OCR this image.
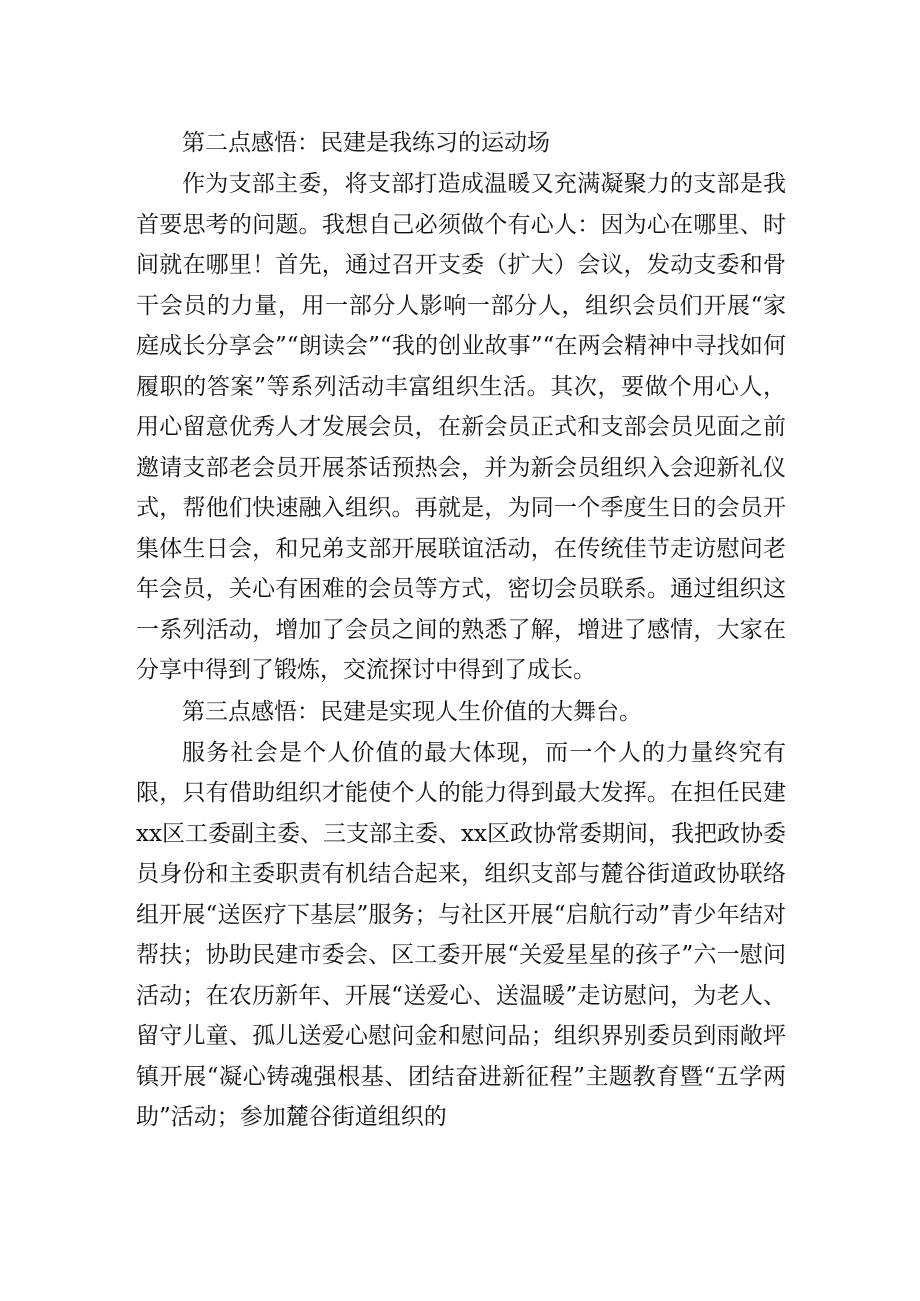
第二点感悟：民建是我练习的运动场

作为支部主委，将支部打造成温暖又充满凝聚力的支部是我首要思考的问题。我想自己必须做个有心人：因为心在哪里、时间就在哪里！首先，通过召开支委（扩大）会议，发动支委和骨干会员的力量，用一部分人影响一部分人，组织会员们开展“家庭成长分享会”“朗读会”“我的创业故事”“在两会精神中寻找如何履职的答案”等系列活动丰富组织生活。其次，要做个用心人，用心留意优秀人才发展会员，在新会员正式和支部会员见面之前邀请支部老会员开展茶话预热会，并为新会员组织入会迎新礼仪式，帮他们快速融入组织。再就是，为同一个季度生日的会员开集体生日会，和兄弟支部开展联谊活动，在传统佳节走访慰问老年会员，关心有困难的会员等方式，密切会员联系。通过组织这一系列活动，增加了会员之间的熟悉了解，增进了感情，大家在分享中得到了锻炼，交流探讨中得到了成长。

第三点感悟：民建是实现人生价值的大舞台。

服务社会是个人价值的最大体现，而一个人的力量终究有限，只有借助组织才能使个人的能力得到最大发挥。在担任民建xx区工委副主委、三支部主委、xx区政协常委期间，我把政协委员身份和主委职责有机结合起来，组织支部与麓谷街道政协联络组开展“送医疗下基层”服务；与社区开展“启航行动”青少年结对帮扶；协助民建市委会、区工委开展“关爱星星的孩子”六一慰问活动；在农历新年、开展“送爱心、送温暖”走访慰问，为老人、留守儿童、孤儿送爱心慰问金和慰问品；组织界别委员到雨敞坪镇开展“凝心铸魂强根基、团结奋进新征程”主题教育暨“五学两助”活动；参加麓谷街道组织的
